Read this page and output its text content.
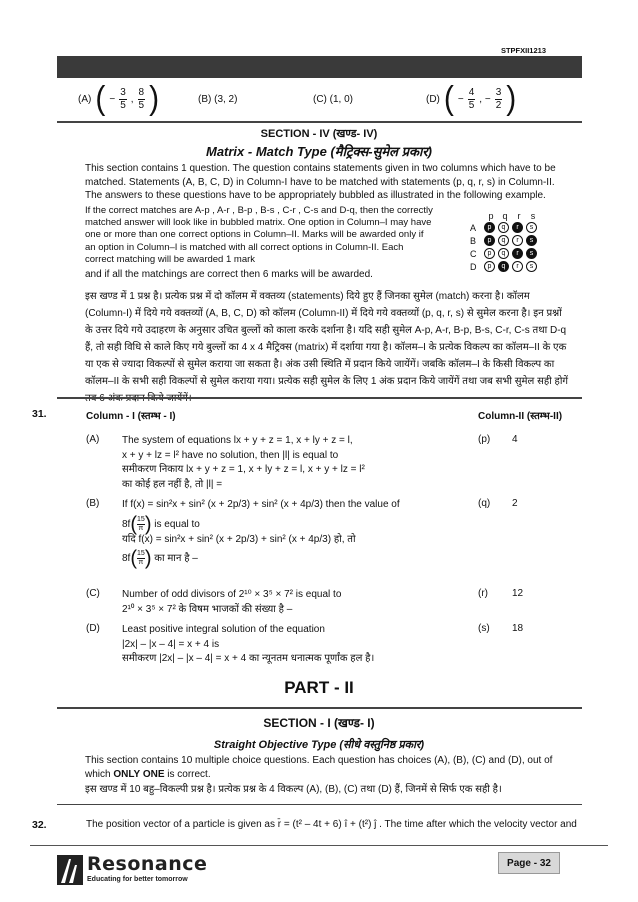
STPFXII1213
(A) ( − $\frac{3}{5}$ , $\frac{8}{5}$ )	(B) (3, 2)	(C) (1, 0)	(D) ( − $\frac{4}{5}$ , − $\frac{3}{2}$ )
SECTION - IV (खण्ड- IV)
Matrix - Match Type (मैट्रिक्स-सुमेल प्रकार)

This section contains 1 question. The question contains statements given in two columns which have to be matched. Statements (A, B, C, D) in Column-I have to be matched with statements (p, q, r, s) in Column-II. The answers to these questions have to be appropriately bubbled as illustrated in the following example.

If the correct matches are A-p , A-r , B-p , B-s , C-r , C-s and D-q, then the correctly matched answer will look like in bubbled matrix. One option in Column–I may have one or more than one correct options in Column–II. Marks will be awarded only if an option in Column–I is matched with all correct options in Column-II. Each correct matching will be awarded 1 mark

and if all the matchings are correct then 6 marks will be awarded.
p q	r	s
A	p	q	r	s
B	p	q	r	s
C	p	q	r	s
D	p	q	r	s
इस खण्ड में 1 प्रश्न है। प्रत्येक प्रश्न में दो कॉलम में वक्तव्य (statements) दिये हुए हैं जिनका सुमेल (match) करना है। कॉलम (Column-I) में दिये गये वक्तव्यों (A, B, C, D) को कॉलम (Column-II) में दिये गये वक्तव्यों (p, q, r, s) से सुमेल करना है। इन प्रश्नों के उत्तर दिये गये उदाहरण के अनुसार उचित बुल्लों को काला करके दर्शाना है। यदि सही सुमेल A-p, A-r, B-p, B-s, C-r, C-s तथा D-q हैं, तो सही विधि से काले किए गये बुल्लों का 4 x 4 मैट्रिक्स (matrix) में दर्शाया गया है। कॉलम–I के प्रत्येक विकल्प का कॉलम–II के एक या एक से ज्यादा विकल्पों से सुमेल कराया जा सकता है। अंक उसी स्थिति में प्रदान किये जायेंगें। जबकि कॉलम–I के किसी विकल्प का कॉलम–II के सभी सही विकल्पों से सुमेल कराया गया। प्रत्येक सही सुमेल के लिए 1 अंक प्रदान किये जायेंगें तथा जब सभी सुमेल सही होगें
31.	Column - I (स्तम्भ - I)	Column-II (स्तम्भ-II)
(A) The system of equations lx + y + z = 1, x + ly + z = l,

x + y + lz = l² have no solution, then |l| is equal to

समीकरण निकाय lx + y + z = 1, x + ly + z = l, x + y + lz = l²

का कोई हल नहीं है, तो |l| =

(p) 4
(B) If f(x) = sin²x + sin² (x + 2p/3) + sin² (x + 4p/3) then the value of

$8f( \frac{15}{\pi}$ ) is equal to

यदि f(x) = sin²x + sin² (x + 2p/3) + sin² (x + 4p/3) हो, तो

$8f( \frac{15}{\pi}$ ) का मान है –

(q) 2
(C) Number of odd divisors of 2¹⁰ × 3⁵ × 7² is equal to

2¹⁰ × 3⁵ × 7² के विषम भाजकों की संख्या है –

(r) 12
(D) Least positive integral solution of the equation

|2x| – |x – 4| = x + 4 is

समीकरण |2x| – |x – 4| = x + 4 का न्यूनतम धनात्मक पूर्णांक हल है।

(s) 18
PART - II
SECTION - I (खण्ड- I)
Straight Objective Type (सीधे वस्तुनिष्ठ प्रकार)
This section contains 10 multiple choice questions. Each question has choices (A), (B), (C) and (D), out of which ONLY ONE is correct.
इस खण्ड में 10 बहु–विकल्पी प्रश्न है। प्रत्येक प्रश्न के 4 विकल्प (A), (B), (C) तथा (D) हैं, जिनमें से सिर्फ एक सही है।
32.	The position vector of a particle is given as r̄ = (t² – 4t + 6) î + (t²) ĵ . The time after which the velocity vector and
Resonance
Educating for better tomorrow
Page - 32
